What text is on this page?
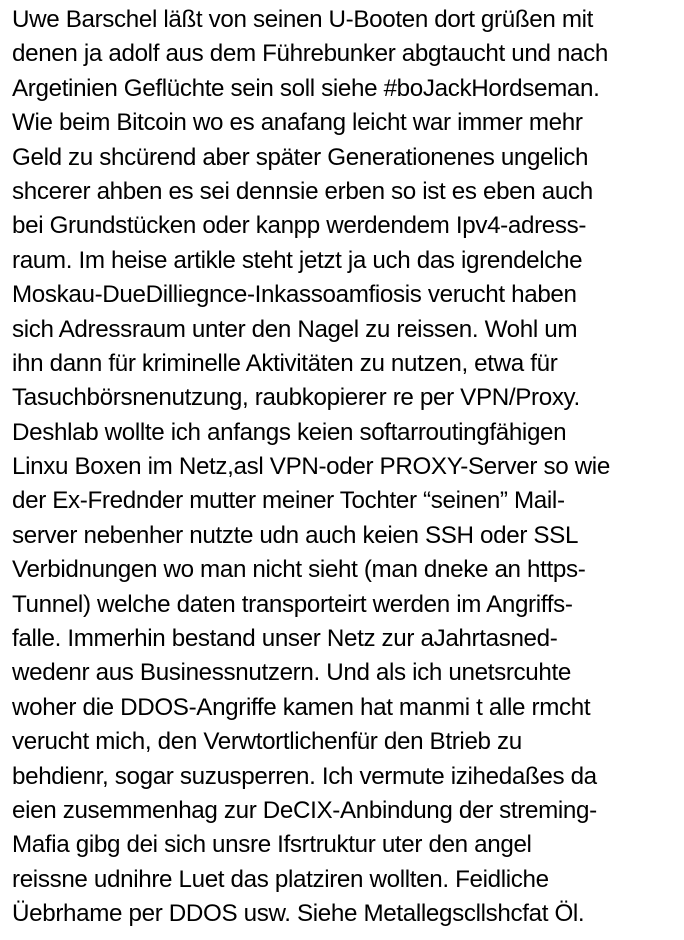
Uwe Barschel läßt von seinen U-Booten dort grüßen mit
denen ja adolf aus dem Führebunker abgtaucht und nach
Argetinien Geflüchte sein soll siehe #boJackHordseman.
Wie beim Bitcoin wo es anafang leicht war immer mehr
Geld zu shcürend aber später Generationenes ungelich
shcerer ahben es sei dennsie erben so ist es eben auch
bei Grundstücken oder kanpp werdendem Ipv4-adress-
raum. Im heise artikle steht jetzt ja uch das igrendelche
Moskau-DueDilliegnce-Inkassoamfiosis verucht haben
sich Adressraum unter den Nagel zu reissen. Wohl um
ihn dann für kriminelle Aktivitäten zu nutzen, etwa für
Tasuchbörsnenutzung, raubkopierer re per VPN/Proxy.
Deshlab wollte ich anfangs keien softarroutingfähigen
Linxu Boxen im Netz,asl VPN-oder PROXY-Server so wie
der Ex-Frednder mutter meiner Tochter “seinen” Mail-
server nebenher nutzte udn auch keien SSH oder SSL
Verbidnungen wo man nicht sieht (man dneke an https-
Tunnel) welche daten transporteirt werden im Angriffs-
falle. Immerhin bestand unser Netz zur aJahrtasned-
wedenr aus Businessnutzern. Und als ich unetsrcuhte
woher die DDOS-Angriffe kamen hat manmi t alle rmcht
verucht mich, den Verwtortlichenfür den Btrieb zu
behdienr, sogar suzusperren. Ich vermute izihedaßes da
eien zusemmenhag zur DeCIX-Anbindung der streming-
Mafia gibg dei sich unsre Ifsrtruktur uter den angel
reissne udnihre Luet das platziren wollten. Feidliche
Üebrhame per DDOS usw. Siehe Metallegscllshcfat Öl.
